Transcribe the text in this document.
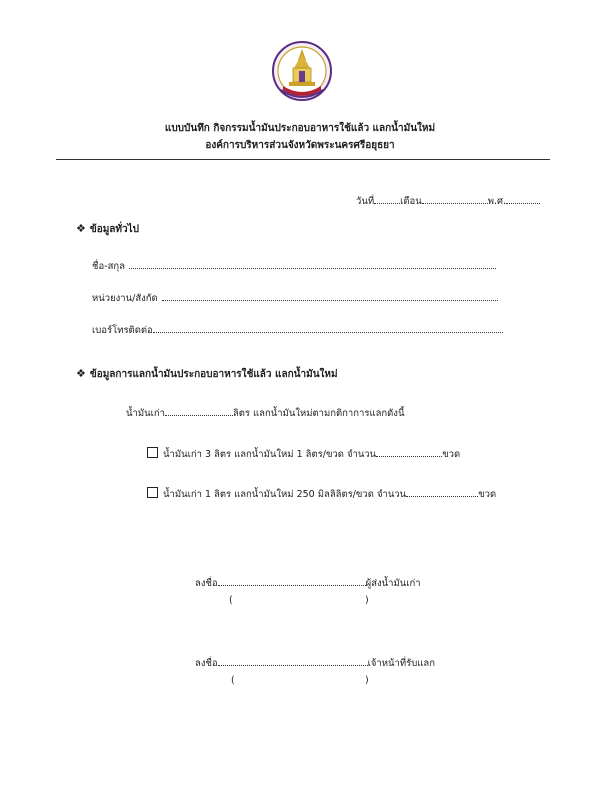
แบบบันทึก กิจกรรมน้ำมันประกอบอาหารใช้แล้ว แลกน้ำมันใหม่
องค์การบริหารส่วนจังหวัดพระนครศรีอยุธยา
วันที่	เดือน	พ.ศ.
❖ ข้อมูลทั่วไป
ชื่อ-สกุล
หน่วยงาน/สังกัด
เบอร์โทรติดต่อ
❖ ข้อมูลการแลกน้ำมันประกอบอาหารใช้แล้ว แลกน้ำมันใหม่
น้ำมันเก่า	ลิตร แลกน้ำมันใหม่ตามกติกาการแลกดังนี้
น้ำมันเก่า 3 ลิตร แลกน้ำมันใหม่ 1 ลิตร/ขวด จำนวน	ขวด
น้ำมันเก่า 1 ลิตร แลกน้ำมันใหม่ 250 มิลลิลิตร/ขวด จำนวน	ขวด
ลงชื่อ	ผู้ส่งน้ำมันเก่า
(	)
ลงชื่อ	เจ้าหน้าที่รับแลก
(	)
